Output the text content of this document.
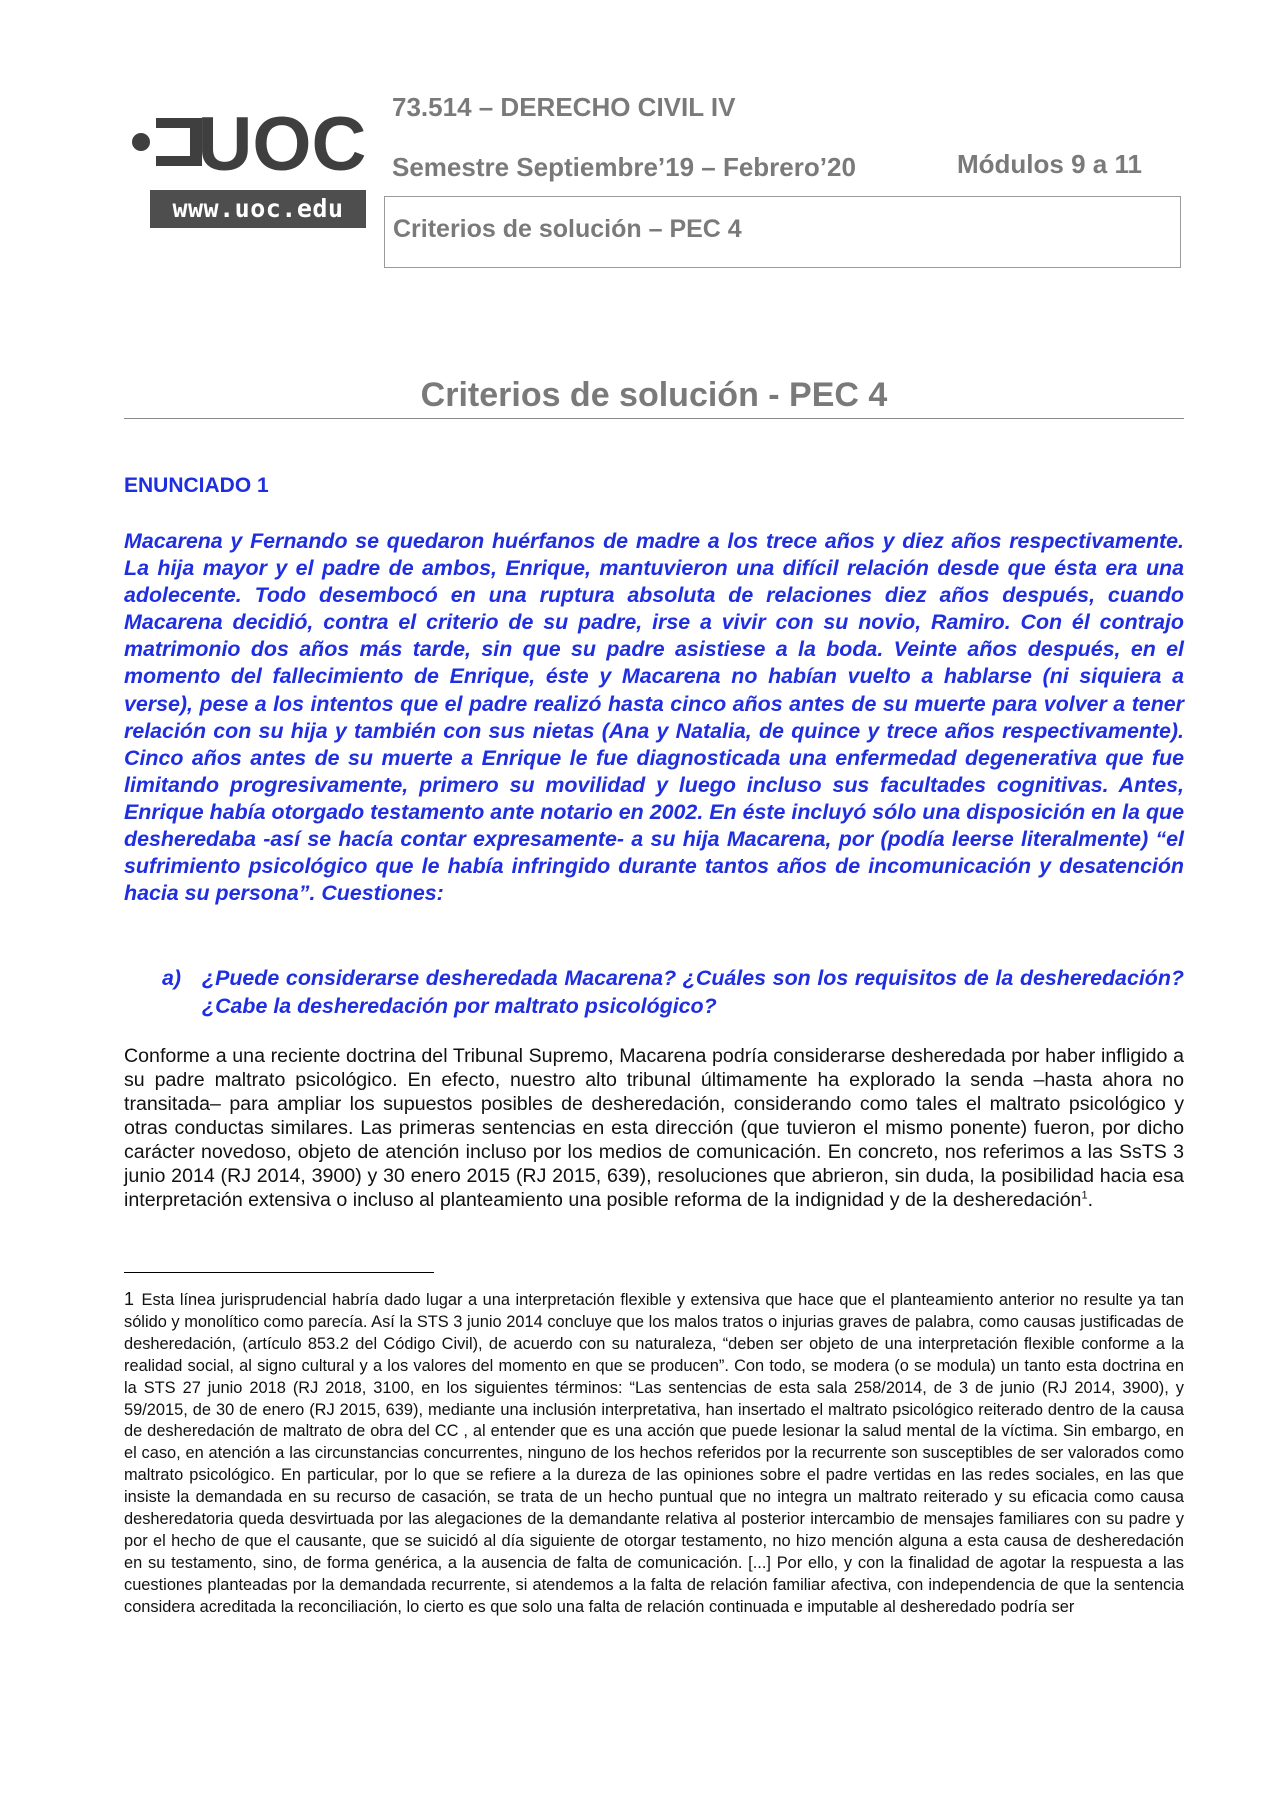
UOC
www.uoc.edu
73.514 – DERECHO CIVIL IV
Semestre Septiembre’19 – Febrero’20	Módulos 9 a 11
Criterios de solución – PEC 4
Criterios de solución - PEC 4
ENUNCIADO 1

Macarena y Fernando se quedaron huérfanos de madre a los trece años y diez años respectivamente. La hija mayor y el padre de ambos, Enrique, mantuvieron una difícil relación desde que ésta era una adolecente. Todo desembocó en una ruptura absoluta de relaciones diez años después, cuando Macarena decidió, contra el criterio de su padre, irse a vivir con su novio, Ramiro. Con él contrajo matrimonio dos años más tarde, sin que su padre asistiese a la boda. Veinte años después, en el momento del fallecimiento de Enrique, éste y Macarena no habían vuelto a hablarse (ni siquiera a verse), pese a los intentos que el padre realizó hasta cinco años antes de su muerte para volver a tener relación con su hija y también con sus nietas (Ana y Natalia, de quince y trece años respectivamente). Cinco años antes de su muerte a Enrique le fue diagnosticada una enfermedad degenerativa que fue limitando progresivamente, primero su movilidad y luego incluso sus facultades cognitivas. Antes, Enrique había otorgado testamento ante notario en 2002. En éste incluyó sólo una disposición en la que desheredaba -así se hacía contar expresamente- a su hija Macarena, por (podía leerse literalmente) “el sufrimiento psicológico que le había infringido durante tantos años de incomunicación y desatención hacia su persona”. Cuestiones:

a) ¿Puede considerarse desheredada Macarena? ¿Cuáles son los requisitos de la desheredación? ¿Cabe la desheredación por maltrato psicológico?

Conforme a una reciente doctrina del Tribunal Supremo, Macarena podría considerarse desheredada por haber infligido a su padre maltrato psicológico. En efecto, nuestro alto tribunal últimamente ha explorado la senda –hasta ahora no transitada– para ampliar los supuestos posibles de desheredación, considerando como tales el maltrato psicológico y otras conductas similares. Las primeras sentencias en esta dirección (que tuvieron el mismo ponente) fueron, por dicho carácter novedoso, objeto de atención incluso por los medios de comunicación. En concreto, nos referimos a las SsTS 3 junio 2014 (RJ 2014, 3900) y 30 enero 2015 (RJ 2015, 639), resoluciones que abrieron, sin duda, la posibilidad hacia esa interpretación extensiva o incluso al planteamiento una posible reforma de la indignidad y de la desheredación$^1$.

1 Esta línea jurisprudencial habría dado lugar a una interpretación flexible y extensiva que hace que el planteamiento anterior no resulte ya tan sólido y monolítico como parecía. Así la STS 3 junio 2014 concluye que los malos tratos o injurias graves de palabra, como causas justificadas de desheredación, (artículo 853.2 del Código Civil), de acuerdo con su naturaleza, “deben ser objeto de una interpretación flexible conforme a la realidad social, al signo cultural y a los valores del momento en que se producen”. Con todo, se modera (o se modula) un tanto esta doctrina en la STS 27 junio 2018 (RJ 2018, 3100, en los siguientes términos: “Las sentencias de esta sala 258/2014, de 3 de junio (RJ 2014, 3900), y 59/2015, de 30 de enero (RJ 2015, 639), mediante una inclusión interpretativa, han insertado el maltrato psicológico reiterado dentro de la causa de desheredación de maltrato de obra del CC , al entender que es una acción que puede lesionar la salud mental de la víctima. Sin embargo, en el caso, en atención a las circunstancias concurrentes, ninguno de los hechos referidos por la recurrente son susceptibles de ser valorados como maltrato psicológico. En particular, por lo que se refiere a la dureza de las opiniones sobre el padre vertidas en las redes sociales, en las que insiste la demandada en su recurso de casación, se trata de un hecho puntual que no integra un maltrato reiterado y su eficacia como causa desheredatoria queda desvirtuada por las alegaciones de la demandante relativa al posterior intercambio de mensajes familiares con su padre y por el hecho de que el causante, que se suicidó al día siguiente de otorgar testamento, no hizo mención alguna a esta causa de desheredación en su testamento, sino, de forma genérica, a la ausencia de falta de comunicación. [...] Por ello, y con la finalidad de agotar la respuesta a las cuestiones planteadas por la demandada recurrente, si atendemos a la falta de relación familiar afectiva, con independencia de que la sentencia considera acreditada la reconciliación, lo cierto es que solo una falta de relación continuada e imputable al desheredado podría ser
